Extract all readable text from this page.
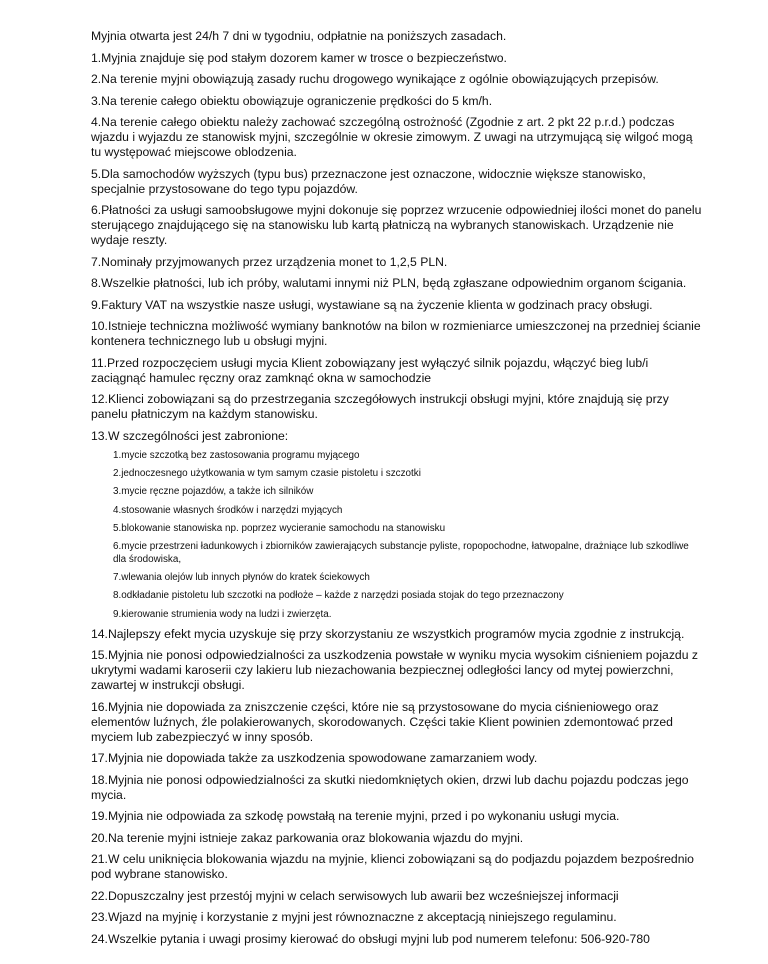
Myjnia otwarta jest 24/h 7 dni w tygodniu, odpłatnie na poniższych zasadach.

1.Myjnia znajduje się pod stałym dozorem kamer w trosce o bezpieczeństwo.

2.Na terenie myjni obowiązują zasady ruchu drogowego wynikające z ogólnie obowiązujących przepisów.

3.Na terenie całego obiektu obowiązuje ograniczenie prędkości do 5 km/h.

4.Na terenie całego obiektu należy zachować szczególną ostrożność (Zgodnie z art. 2 pkt 22 p.r.d.) podczas wjazdu i wyjazdu ze stanowisk myjni, szczególnie w okresie zimowym. Z uwagi na utrzymującą się wilgoć mogą tu występować miejscowe oblodzenia.

5.Dla samochodów wyższych (typu bus) przeznaczone jest oznaczone, widocznie większe stanowisko, specjalnie przystosowane do tego typu pojazdów.

6.Płatności za usługi samoobsługowe myjni dokonuje się poprzez wrzucenie odpowiedniej ilości monet do panelu sterującego znajdującego się na stanowisku lub kartą płatniczą na wybranych stanowiskach. Urządzenie nie wydaje reszty.

7.Nominały przyjmowanych przez urządzenia monet to 1,2,5 PLN.

8.Wszelkie płatności, lub ich próby, walutami innymi niż PLN, będą zgłaszane odpowiednim organom ścigania.

9.Faktury VAT na wszystkie nasze usługi, wystawiane są na życzenie klienta w godzinach pracy obsługi.

10.Istnieje techniczna możliwość wymiany banknotów na bilon w rozmieniarce umieszczonej na przedniej ścianie kontenera technicznego lub u obsługi myjni.

11.Przed rozpoczęciem usługi mycia Klient zobowiązany jest wyłączyć silnik pojazdu, włączyć bieg lub/i zaciągnąć hamulec ręczny oraz zamknąć okna w samochodzie

12.Klienci zobowiązani są do przestrzegania szczegółowych instrukcji obsługi myjni, które znajdują się przy panelu płatniczym na każdym stanowisku.

13.W szczególności jest zabronione:

1.mycie szczotką bez zastosowania programu myjącego

2.jednoczesnego użytkowania w tym samym czasie pistoletu i szczotki

3.mycie ręczne pojazdów, a także ich silników

4.stosowanie własnych środków i narzędzi myjących

5.blokowanie stanowiska np. poprzez wycieranie samochodu na stanowisku

6.mycie przestrzeni ładunkowych i zbiorników zawierających substancje pyliste, ropopochodne, łatwopalne, drażniące lub szkodliwe dla środowiska,

7.wlewania olejów lub innych płynów do kratek ściekowych

8.odkładanie pistoletu lub szczotki na podłoże – każde z narzędzi posiada stojak do tego przeznaczony

9.kierowanie strumienia wody na ludzi i zwierzęta.

14.Najlepszy efekt mycia uzyskuje się przy skorzystaniu ze wszystkich programów mycia zgodnie z instrukcją.

15.Myjnia nie ponosi odpowiedzialności za uszkodzenia powstałe w wyniku mycia wysokim ciśnieniem pojazdu z ukrytymi wadami karoserii czy lakieru lub niezachowania bezpiecznej odległości lancy od mytej powierzchni, zawartej w instrukcji obsługi.

16.Myjnia nie dopowiada za zniszczenie części, które nie są przystosowane do mycia ciśnieniowego oraz elementów luźnych, źle polakierowanych, skorodowanych. Części takie Klient powinien zdemontować przed myciem lub zabezpieczyć w inny sposób.

17.Myjnia nie dopowiada także za uszkodzenia spowodowane zamarzaniem wody.

18.Myjnia nie ponosi odpowiedzialności za skutki niedomkniętych okien, drzwi lub dachu pojazdu podczas jego mycia.

19.Myjnia nie odpowiada za szkodę powstałą na terenie myjni, przed i po wykonaniu usługi mycia.

20.Na terenie myjni istnieje zakaz parkowania oraz blokowania wjazdu do myjni.

21.W celu uniknięcia blokowania wjazdu na myjnie, klienci zobowiązani są do podjazdu pojazdem bezpośrednio pod wybrane stanowisko.

22.Dopuszczalny jest przestój myjni w celach serwisowych lub awarii bez wcześniejszej informacji

23.Wjazd na myjnię i korzystanie z myjni jest równoznaczne z akceptacją niniejszego regulaminu.

24.Wszelkie pytania i uwagi prosimy kierować do obsługi myjni lub pod numerem telefonu: 506-920-780
